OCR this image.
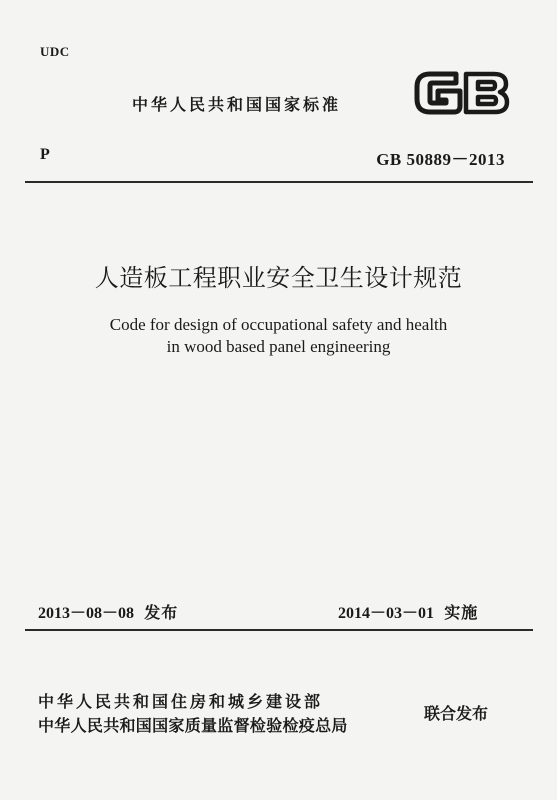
UDC
中华人民共和国国家标准
P	GB 50889－2013
人造板工程职业安全卫生设计规范
Code for design of occupational safety and health
in wood based panel engineering
2013－08－08 发布	2014－03－01 实施
中华人民共和国住房和城乡建设部
中华人民共和国国家质量监督检验检疫总局
联合发布
